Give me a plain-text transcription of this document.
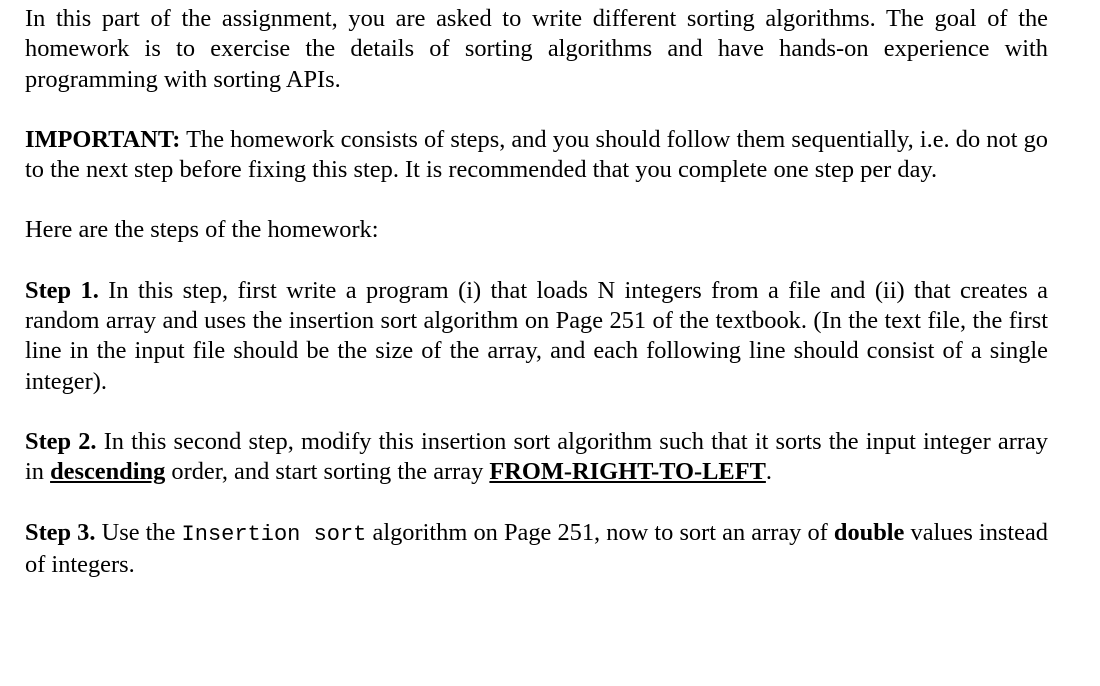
In this part of the assignment, you are asked to write different sorting algorithms. The goal of the homework is to exercise the details of sorting algorithms and have hands-on experience with programming with sorting APIs.

IMPORTANT: The homework consists of steps, and you should follow them sequentially, i.e. do not go to the next step before fixing this step. It is recommended that you complete one step per day.

Here are the steps of the homework:

Step 1. In this step, first write a program (i) that loads N integers from a file and (ii) that creates a random array and uses the insertion sort algorithm on Page 251 of the textbook. (In the text file, the first line in the input file should be the size of the array, and each following line should consist of a single integer).

Step 2. In this second step, modify this insertion sort algorithm such that it sorts the input integer array in descending order, and start sorting the array FROM-RIGHT-TO-LEFT.

Step 3. Use the Insertion sort algorithm on Page 251, now to sort an array of double values instead of integers.
